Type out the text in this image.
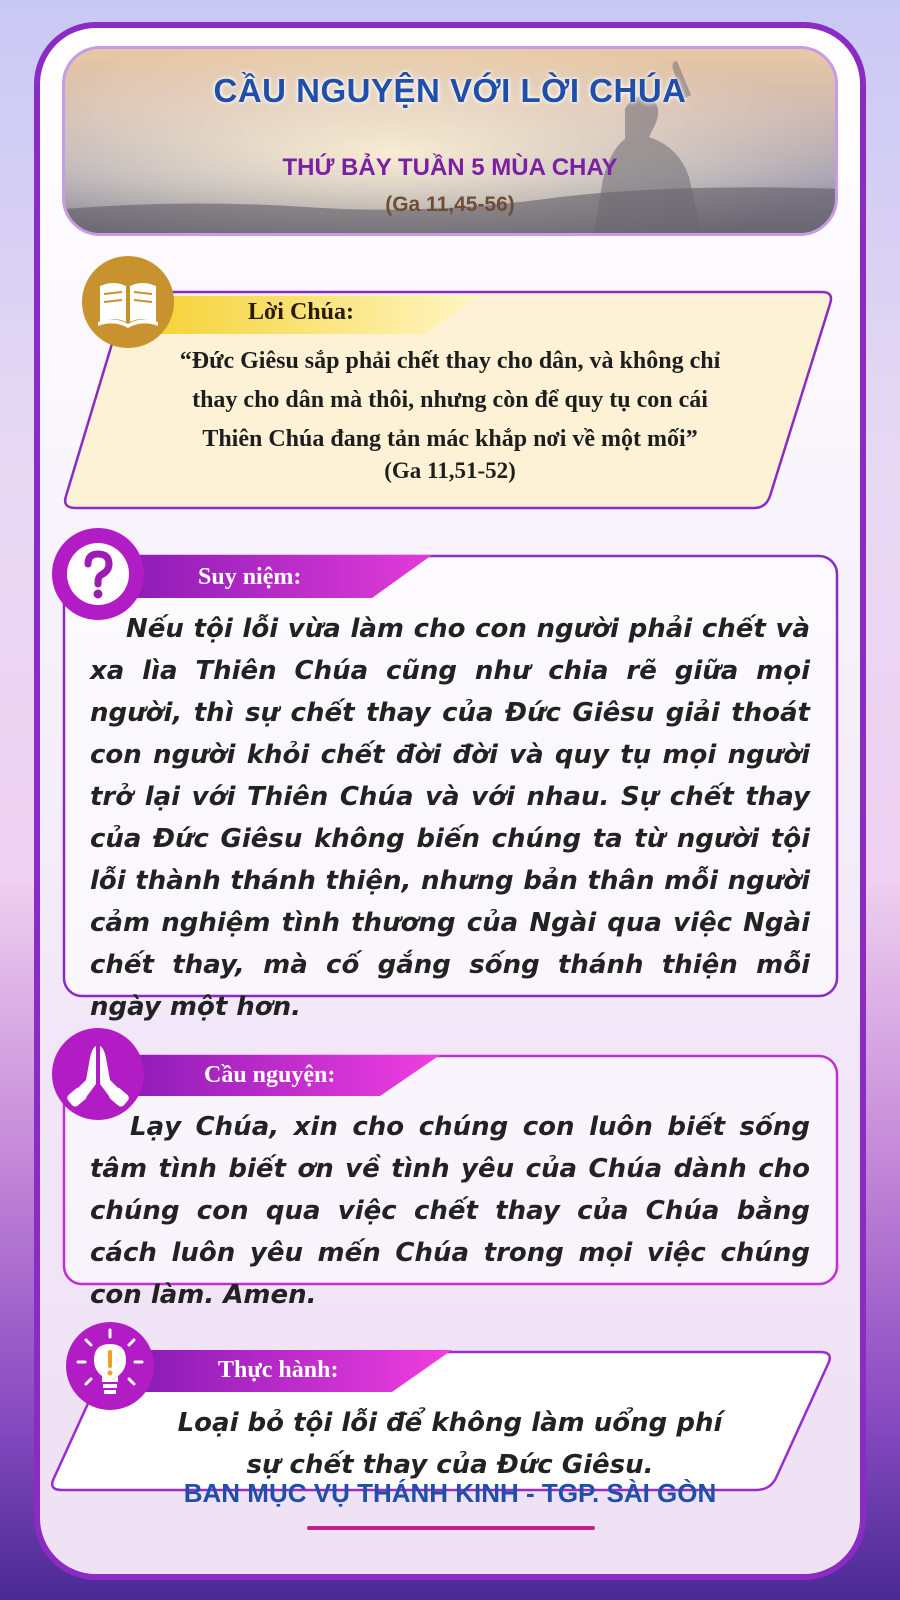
CẦU NGUYỆN VỚI LỜI CHÚA
THỨ BẢY TUẦN 5 MÙA CHAY
(Ga 11,45-56)
Lời Chúa:
“Đức Giêsu sắp phải chết thay cho dân, và không chỉ
thay cho dân mà thôi, nhưng còn để quy tụ con cái
Thiên Chúa đang tản mác khắp nơi về một mối”
(Ga 11,51-52)
Suy niệm:
Nếu tội lỗi vừa làm cho con người phải chết và xa lìa Thiên Chúa cũng như chia rẽ giữa mọi người, thì sự chết thay của Đức Giêsu giải thoát con người khỏi chết đời đời và quy tụ mọi người trở lại với Thiên Chúa và với nhau. Sự chết thay của Đức Giêsu không biến chúng ta từ người tội lỗi thành thánh thiện, nhưng bản thân mỗi người cảm nghiệm tình thương của Ngài qua việc Ngài chết thay, mà cố gắng sống thánh thiện mỗi ngày một hơn.
Cầu nguyện:
Lạy Chúa, xin cho chúng con luôn biết sống tâm tình biết ơn về tình yêu của Chúa dành cho chúng con qua việc chết thay của Chúa bằng cách luôn yêu mến Chúa trong mọi việc chúng con làm. Amen.
Thực hành:
Loại bỏ tội lỗi để không làm uổng phí
sự chết thay của Đức Giêsu.
BAN MỤC VỤ THÁNH KINH - TGP. SÀI GÒN
